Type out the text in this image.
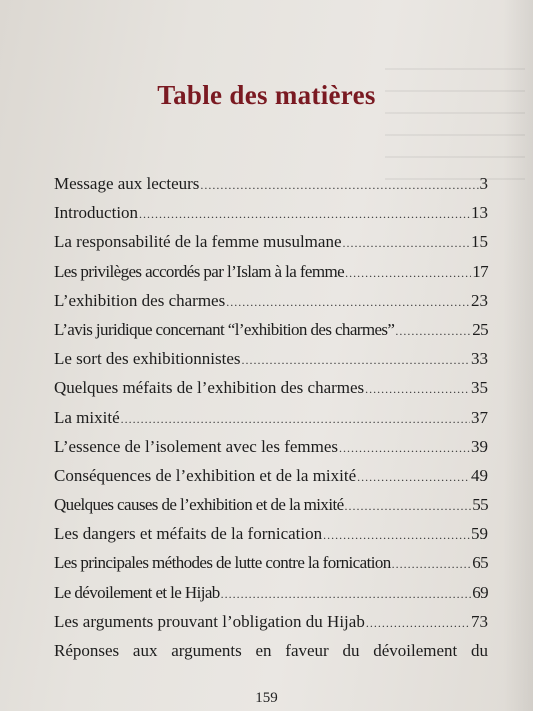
Table des matières
Message aux lecteurs .....	3
Introduction .....	13
La responsabilité de la femme musulmane .....	15
Les privilèges accordés par l’Islam à la femme .....	17
L’exhibition des charmes .....	23
L’avis juridique concernant “l’exhibition des charmes” .....	25
Le sort des exhibitionnistes .....	33
Quelques méfaits de l’exhibition des charmes .....	35
La mixité .....	37
L’essence de l’isolement avec les femmes .....	39
Conséquences de l’exhibition et de la mixité .....	49
Quelques causes de l’exhibition et de la mixité .....	55
Les dangers et méfaits de la fornication .....	59
Les principales méthodes de lutte contre la fornication .....	65
Le dévoilement et le Hijab .....	69
Les arguments prouvant l’obligation du Hijab .....	73
Réponses aux arguments en faveur du dévoilement du
159
